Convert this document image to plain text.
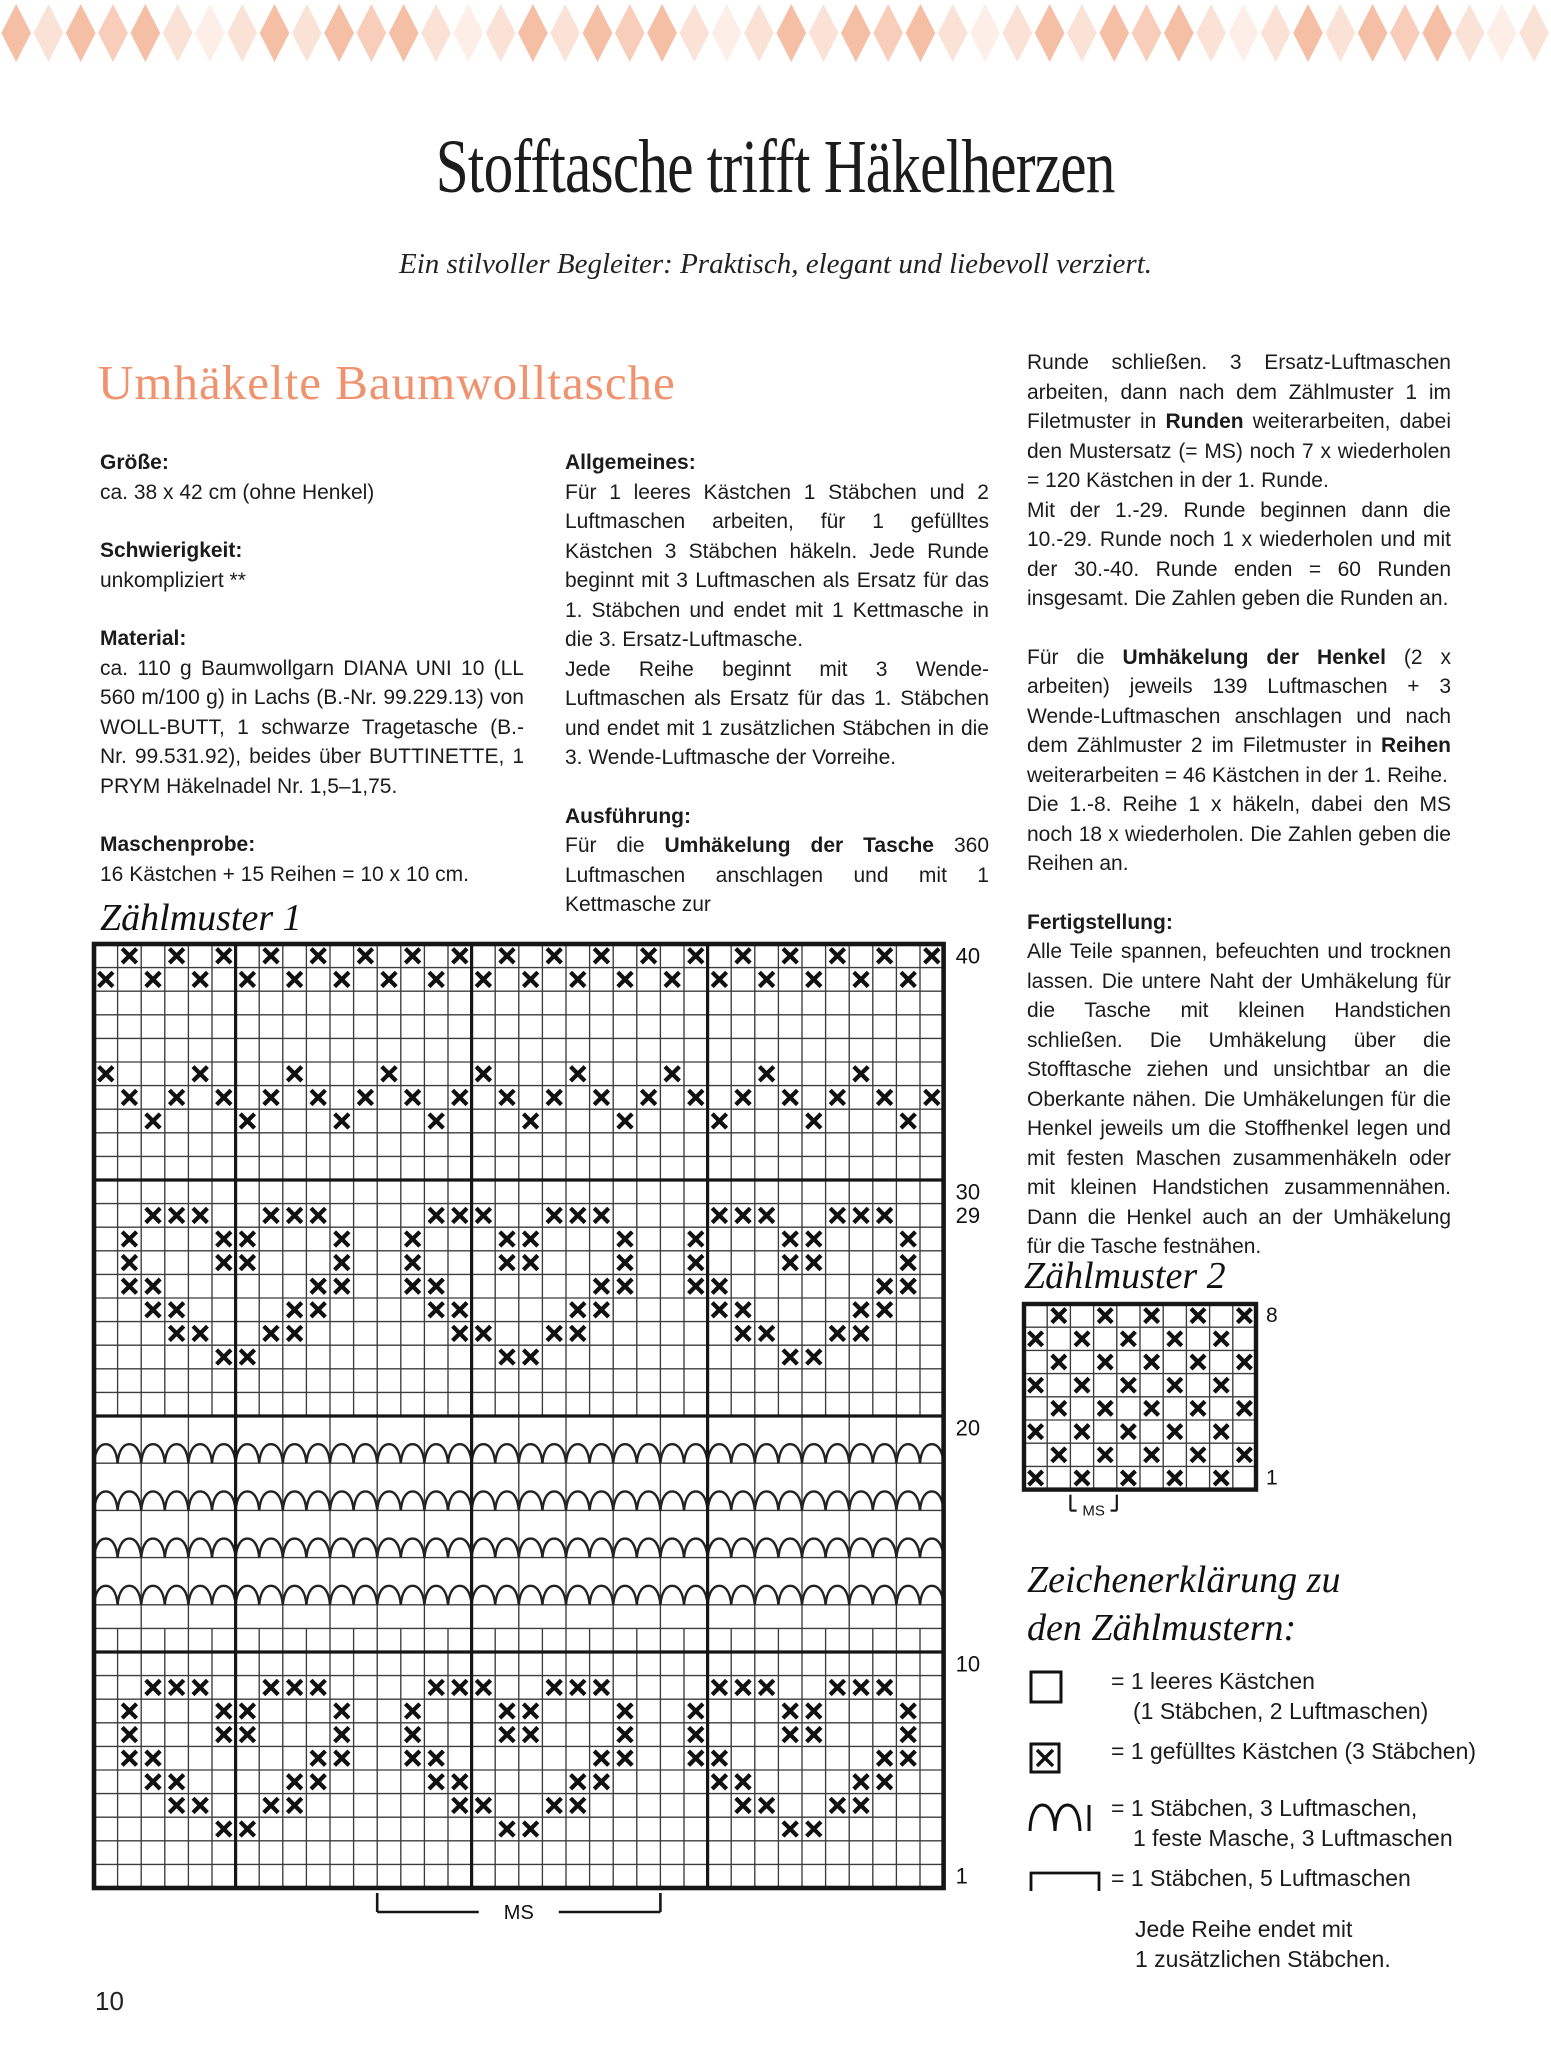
Stofftasche trifft Häkelherzen
Ein stilvoller Begleiter: Praktisch, elegant und liebevoll verziert.
Umhäkelte Baumwolltasche
Größe:

ca. 38 x 42 cm (ohne Henkel)

Schwierigkeit:

unkompliziert **

Material:

ca. 110 g Baumwollgarn DIANA UNI 10 (LL 560 m/100 g) in Lachs (B.-Nr. 99.229.13) von WOLL-BUTT, 1 schwarze Tragetasche (B.-Nr. 99.531.92), beides über BUTTINETTE, 1 PRYM Häkelnadel Nr. 1,5–1,75.

Maschenprobe:

16 Kästchen + 15 Reihen = 10 x 10 cm.

Allgemeines:

Für 1 leeres Kästchen 1 Stäbchen und 2 Luftmaschen arbeiten, für 1 gefülltes Kästchen 3 Stäbchen häkeln. Jede Runde beginnt mit 3 Luftmaschen als Ersatz für das 1. Stäbchen und endet mit 1 Kettmasche in die 3. Ersatz-Luftmasche.

Jede Reihe beginnt mit 3 Wende-Luftmaschen als Ersatz für das 1. Stäbchen und endet mit 1 zusätzlichen Stäbchen in die 3. Wende-Luftmasche der Vorreihe.

Ausführung:

Für die Umhäkelung der Tasche 360 Luftmaschen anschlagen und mit 1 Kettmasche zur

Runde schließen. 3 Ersatz-Luftmaschen arbeiten, dann nach dem Zählmuster 1 im Filetmuster in Runden weiterarbeiten, dabei den Mustersatz (= MS) noch 7 x wiederholen = 120 Kästchen in der 1. Runde.

Mit der 1.-29. Runde beginnen dann die 10.-29. Runde noch 1 x wiederholen und mit der 30.-40. Runde enden = 60 Runden insgesamt. Die Zahlen geben die Runden an.

Für die Umhäkelung der Henkel (2 x arbeiten) jeweils 139 Luftmaschen + 3 Wende-Luftmaschen anschlagen und nach dem Zählmuster 2 im Filetmuster in Reihen weiterarbeiten = 46 Kästchen in der 1. Reihe.

Die 1.-8. Reihe 1 x häkeln, dabei den MS noch 18 x wiederholen. Die Zahlen geben die Reihen an.

Fertigstellung:

Alle Teile spannen, befeuchten und trocknen lassen. Die untere Naht der Umhäkelung für die Tasche mit kleinen Handstichen schließen. Die Umhäkelung über die Stofftasche ziehen und unsichtbar an die Oberkante nähen. Die Umhäkelungen für die Henkel jeweils um die Stoffhenkel legen und mit festen Maschen zusammenhäkeln oder mit kleinen Handstichen zusammennähen. Dann die Henkel auch an der Umhäkelung für die Tasche festnähen.

Zählmuster 1
40
30
29
20
10
1
MS
Zählmuster 2
8
1
MS
Zeichenerklärung zu
den Zählmustern:
= 1 leeres Kästchen
(1 Stäbchen, 2 Luftmaschen)
= 1 gefülltes Kästchen (3 Stäbchen)
= 1 Stäbchen, 3 Luftmaschen,
1 feste Masche, 3 Luftmaschen
= 1 Stäbchen, 5 Luftmaschen
Jede Reihe endet mit
1 zusätzlichen Stäbchen.
10
